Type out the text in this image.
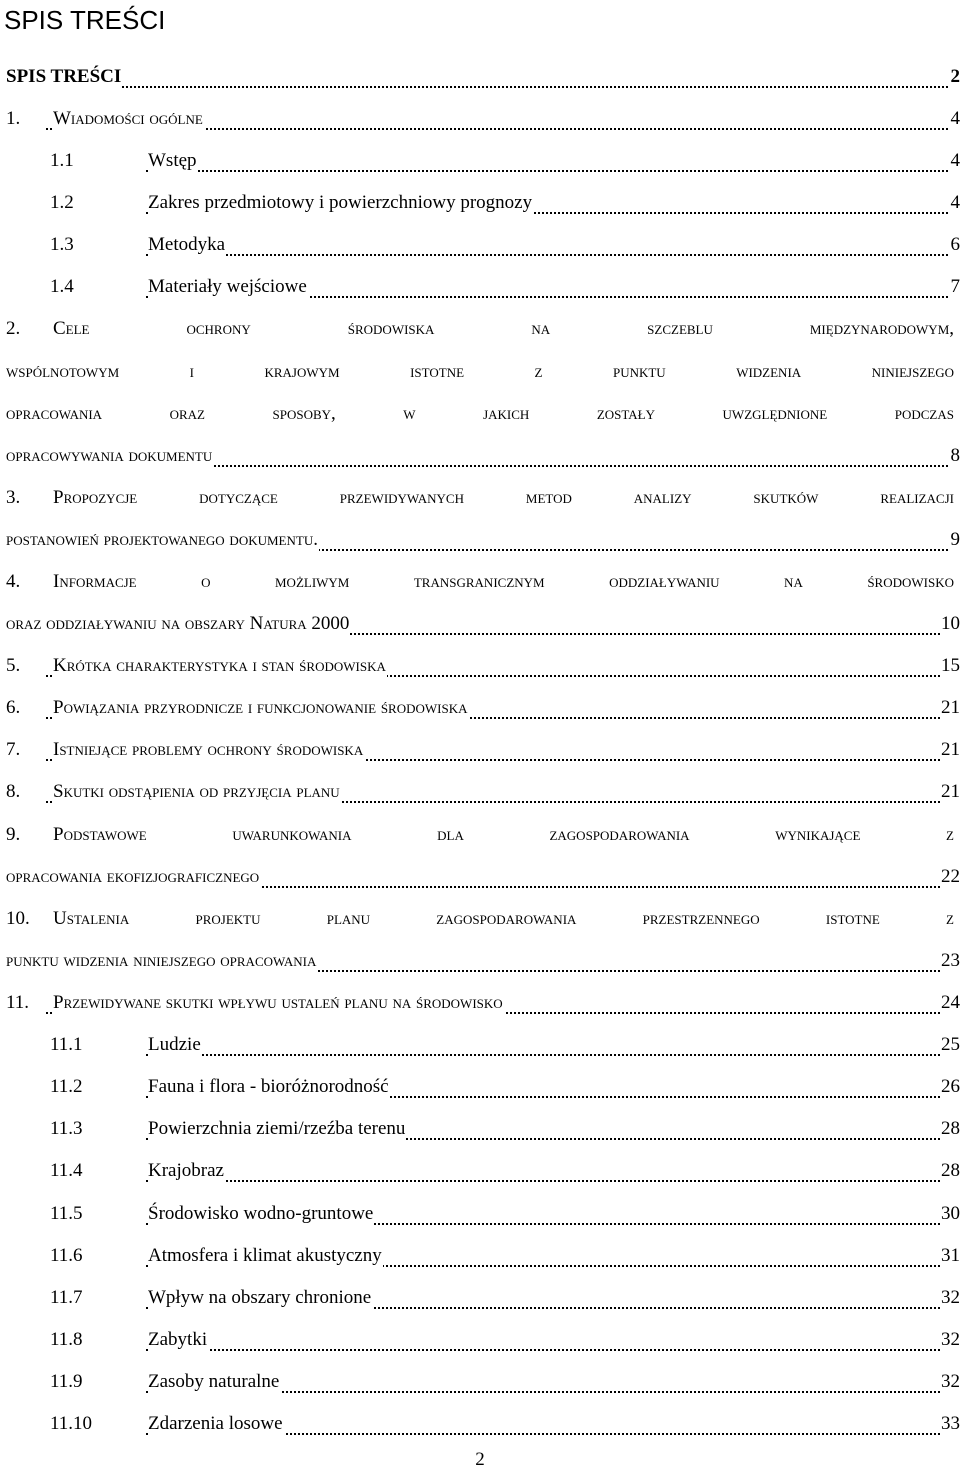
SPIS TREŚCI
SPIS TREŚCI	2
1. Wiadomości ogólne	4
1.1	Wstęp	4
1.2	Zakres przedmiotowy i powierzchniowy prognozy	4
1.3	Metodyka	6
1.4	Materiały wejściowe	7
2. Cele ochrony środowiska na szczeblu międzynarodowym,
wspólnotowym i krajowym istotne z punktu widzenia niniejszego
opracowania oraz sposoby, w jakich zostały uwzględnione podczas
opracowywania dokumentu	8
3. Propozycje dotyczące przewidywanych metod analizy skutków realizacji
postanowień projektowanego dokumentu.	9
4. Informacje o możliwym transgranicznym oddziaływaniu na środowisko
oraz oddziaływaniu na obszary Natura 2000	10
5. Krótka charakterystyka i stan środowiska	15
6. Powiązania przyrodnicze i funkcjonowanie środowiska	21
7. Istniejące problemy ochrony środowiska	21
8. Skutki odstąpienia od przyjęcia planu	21
9. Podstawowe uwarunkowania dla zagospodarowania wynikające z
opracowania ekofizjograficznego	22
10. Ustalenia projektu planu zagospodarowania przestrzennego istotne z
punktu widzenia niniejszego opracowania	23
11. Przewidywane skutki wpływu ustaleń planu na środowisko	24
11.1	Ludzie	25
11.2	Fauna i flora - bioróżnorodność	26
11.3	Powierzchnia ziemi/rzeźba terenu	28
11.4	Krajobraz	28
11.5	Środowisko wodno-gruntowe	30
11.6	Atmosfera i klimat akustyczny	31
11.7	Wpływ na obszary chronione	32
11.8	Zabytki	32
11.9	Zasoby naturalne	32
11.10	Zdarzenia losowe	33
2
